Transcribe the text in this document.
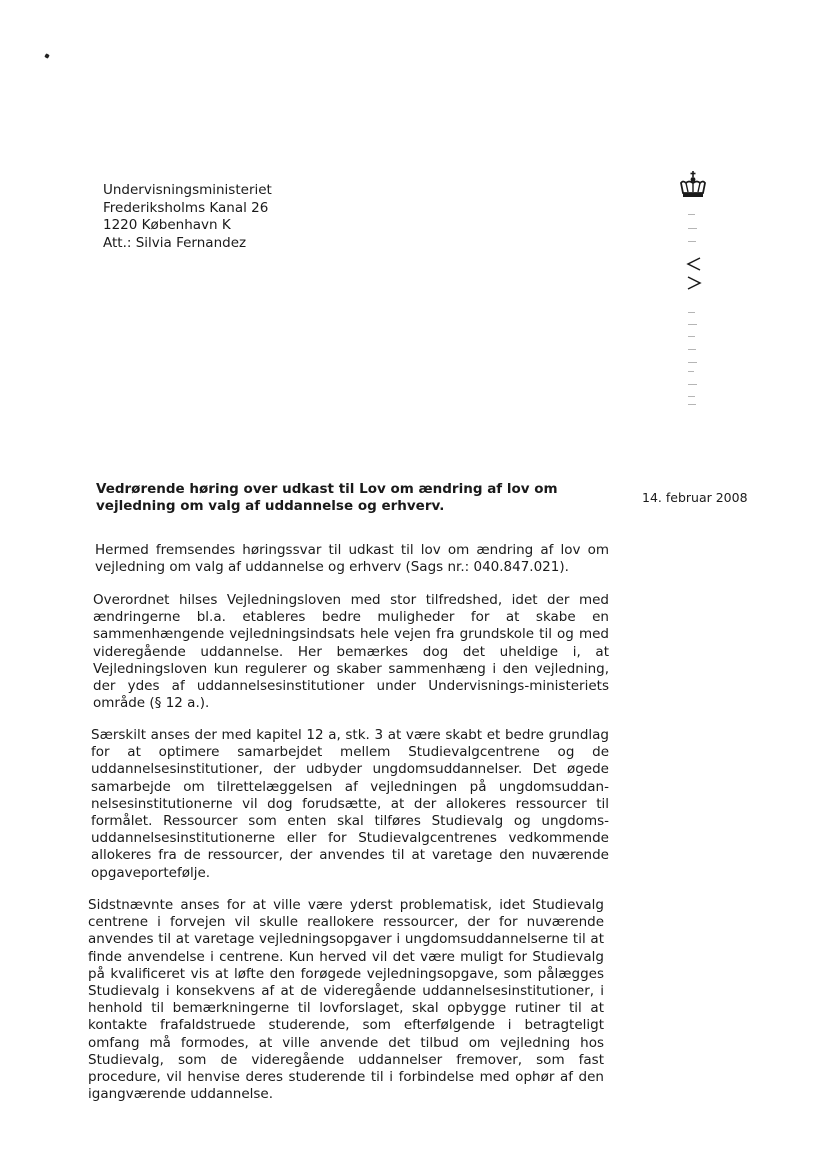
Undervisningsministeriet
Frederiksholms Kanal 26
1220 København K
Att.: Silvia Fernandez
Vedrørende høring over udkast til Lov om ændring af lov om
vejledning om valg af uddannelse og erhverv.
14. februar 2008
Hermed fremsendes høringssvar til udkast til lov om ændring af lov om vejledning om valg af uddannelse og erhverv (Sags nr.: 040.847.021).
Overordnet hilses Vejledningsloven med stor tilfredshed, idet der med ændringerne bl.a. etableres bedre muligheder for at skabe en sammenhængende vejledningsindsats hele vejen fra grundskole til og med videregående uddannelse. Her bemærkes dog det uheldige i, at Vejledningsloven kun regulerer og skaber sammenhæng i den vejledning, der ydes af uddannelsesinstitutioner under Undervisnings-ministeriets område (§ 12 a.).
Særskilt anses der med kapitel 12 a, stk. 3 at være skabt et bedre grundlag for at optimere samarbejdet mellem Studievalgcentrene og de uddannelsesinstitutioner, der udbyder ungdomsuddannelser. Det øgede samarbejde om tilrettelæggelsen af vejledningen på ungdomsuddan-nelsesinstitutionerne vil dog forudsætte, at der allokeres ressourcer til formålet. Ressourcer som enten skal tilføres Studievalg og ungdoms-uddannelsesinstitutionerne eller for Studievalgcentrenes vedkommende allokeres fra de ressourcer, der anvendes til at varetage den nuværende opgaveportefølje.
Sidstnævnte anses for at ville være yderst problematisk, idet Studievalg centrene i forvejen vil skulle reallokere ressourcer, der for nuværende anvendes til at varetage vejledningsopgaver i ungdomsuddannelserne til at finde anvendelse i centrene. Kun herved vil det være muligt for Studievalg på kvalificeret vis at løfte den forøgede vejledningsopgave, som pålægges Studievalg i konsekvens af at de videregående uddannelsesinstitutioner, i henhold til bemærkningerne til lovforslaget, skal opbygge rutiner til at kontakte frafaldstruede studerende, som efterfølgende i betragteligt omfang må formodes, at ville anvende det tilbud om vejledning hos Studievalg, som de videregående uddannelser fremover, som fast procedure, vil henvise deres studerende til i forbindelse med ophør af den igangværende uddannelse.
